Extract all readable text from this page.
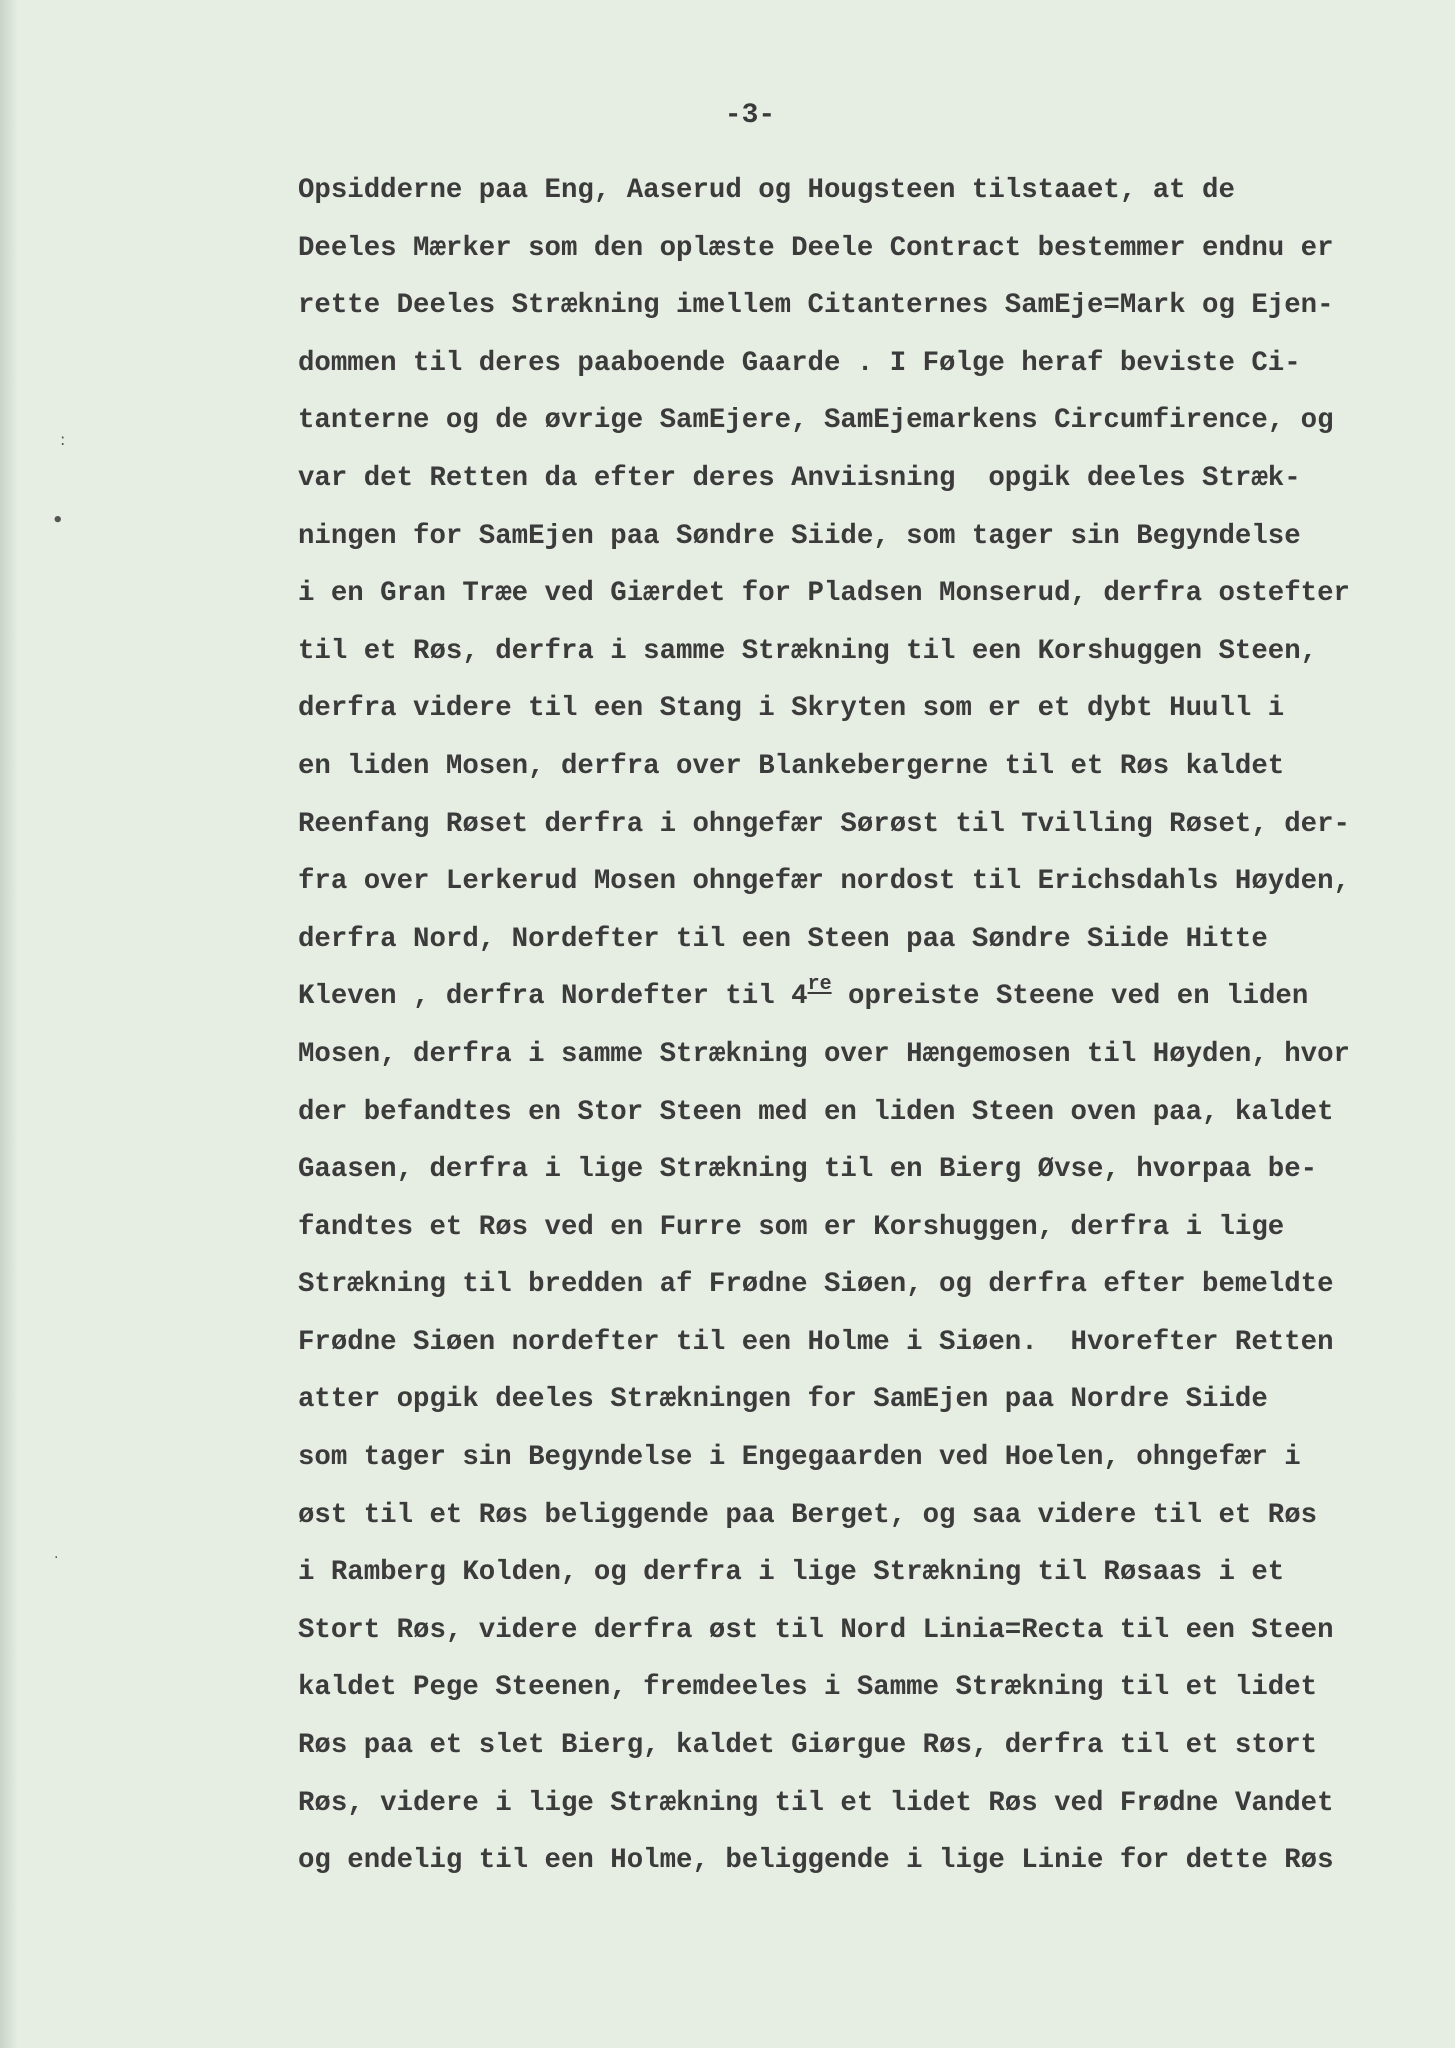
:
•
·
-3-
Opsidderne paa Eng, Aaserud og Hougsteen tilstaaet, at de
Deeles Mærker som den oplæste Deele Contract bestemmer endnu er
rette Deeles Strækning imellem Citanternes SamEje=Mark og Ejen-
dommen til deres paaboende Gaarde . I Følge heraf beviste Ci-
tanterne og de øvrige SamEjere, SamEjemarkens Circumfirence, og
var det Retten da efter deres Anviisning  opgik deeles Stræk-
ningen for SamEjen paa Søndre Siide, som tager sin Begyndelse
i en Gran Træe ved Giærdet for Pladsen Monserud, derfra ostefter
til et Røs, derfra i samme Strækning til een Korshuggen Steen,
derfra videre til een Stang i Skryten som er et dybt Huull i
en liden Mosen, derfra over Blankebergerne til et Røs kaldet
Reenfang Røset derfra i ohngefær Sørøst til Tvilling Røset, der-
fra over Lerkerud Mosen ohngefær nordost til Erichsdahls Høyden,
derfra Nord, Nordefter til een Steen paa Søndre Siide Hitte
Kleven , derfra Nordefter til 4re opreiste Steene ved en liden
Mosen, derfra i samme Strækning over Hængemosen til Høyden, hvor
der befandtes en Stor Steen med en liden Steen oven paa, kaldet
Gaasen, derfra i lige Strækning til en Bierg Øvse, hvorpaa be-
fandtes et Røs ved en Furre som er Korshuggen, derfra i lige
Strækning til bredden af Frødne Siøen, og derfra efter bemeldte
Frødne Siøen nordefter til een Holme i Siøen.  Hvorefter Retten
atter opgik deeles Strækningen for SamEjen paa Nordre Siide
som tager sin Begyndelse i Engegaarden ved Hoelen, ohngefær i
øst til et Røs beliggende paa Berget, og saa videre til et Røs
i Ramberg Kolden, og derfra i lige Strækning til Røsaas i et
Stort Røs, videre derfra øst til Nord Linia=Recta til een Steen
kaldet Pege Steenen, fremdeeles i Samme Strækning til et lidet
Røs paa et slet Bierg, kaldet Giørgue Røs, derfra til et stort
Røs, videre i lige Strækning til et lidet Røs ved Frødne Vandet
og endelig til een Holme, beliggende i lige Linie for dette Røs
